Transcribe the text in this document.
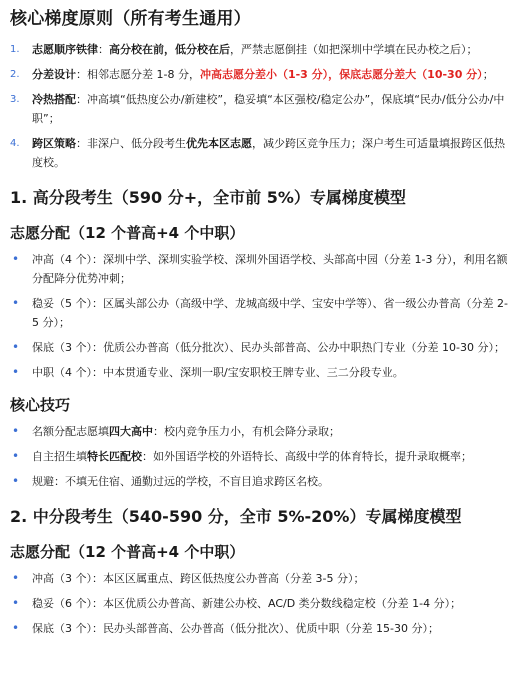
核心梯度原则（所有考生通用）
1. 志愿顺序铁律：高分校在前，低分校在后，严禁志愿倒挂（如把深圳中学填在民办校之后）；
2. 分差设计：相邻志愿分差 1-8 分，冲高志愿分差小（1-3 分），保底志愿分差大（10-30 分）；
3. 冷热搭配：冲高填“低热度公办/新建校”，稳妥填“本区强校/稳定公办”，保底填“民办/低分公办/中职”；
4. 跨区策略：非深户、低分段考生优先本区志愿，减少跨区竞争压力；深户考生可适量填报跨区低热度校。
1. 高分段考生（590 分+，全市前 5%）专属梯度模型
志愿分配（12 个普高+4 个中职）
• 冲高（4 个）：深圳中学、深圳实验学校、深圳外国语学校、头部高中园（分差 1-3 分），利用名额分配降分优势冲刺；
• 稳妥（5 个）：区属头部公办（高级中学、龙城高级中学、宝安中学等）、省一级公办普高（分差 2-5 分）；
• 保底（3 个）：优质公办普高（低分批次）、民办头部普高、公办中职热门专业（分差 10-30 分）；
• 中职（4 个）：中本贯通专业、深圳一职/宝安职校王牌专业、三二分段专业。
核心技巧
• 名额分配志愿填四大高中：校内竞争压力小，有机会降分录取；
• 自主招生填特长匹配校：如外国语学校的外语特长、高级中学的体育特长，提升录取概率；
• 规避：不填无住宿、通勤过远的学校，不盲目追求跨区名校。
2. 中分段考生（540-590 分，全市 5%-20%）专属梯度模型
志愿分配（12 个普高+4 个中职）
• 冲高（3 个）：本区区属重点、跨区低热度公办普高（分差 3-5 分）；
• 稳妥（6 个）：本区优质公办普高、新建公办校、AC/D 类分数线稳定校（分差 1-4 分）；
• 保底（3 个）：民办头部普高、公办普高（低分批次）、优质中职（分差 15-30 分）；
